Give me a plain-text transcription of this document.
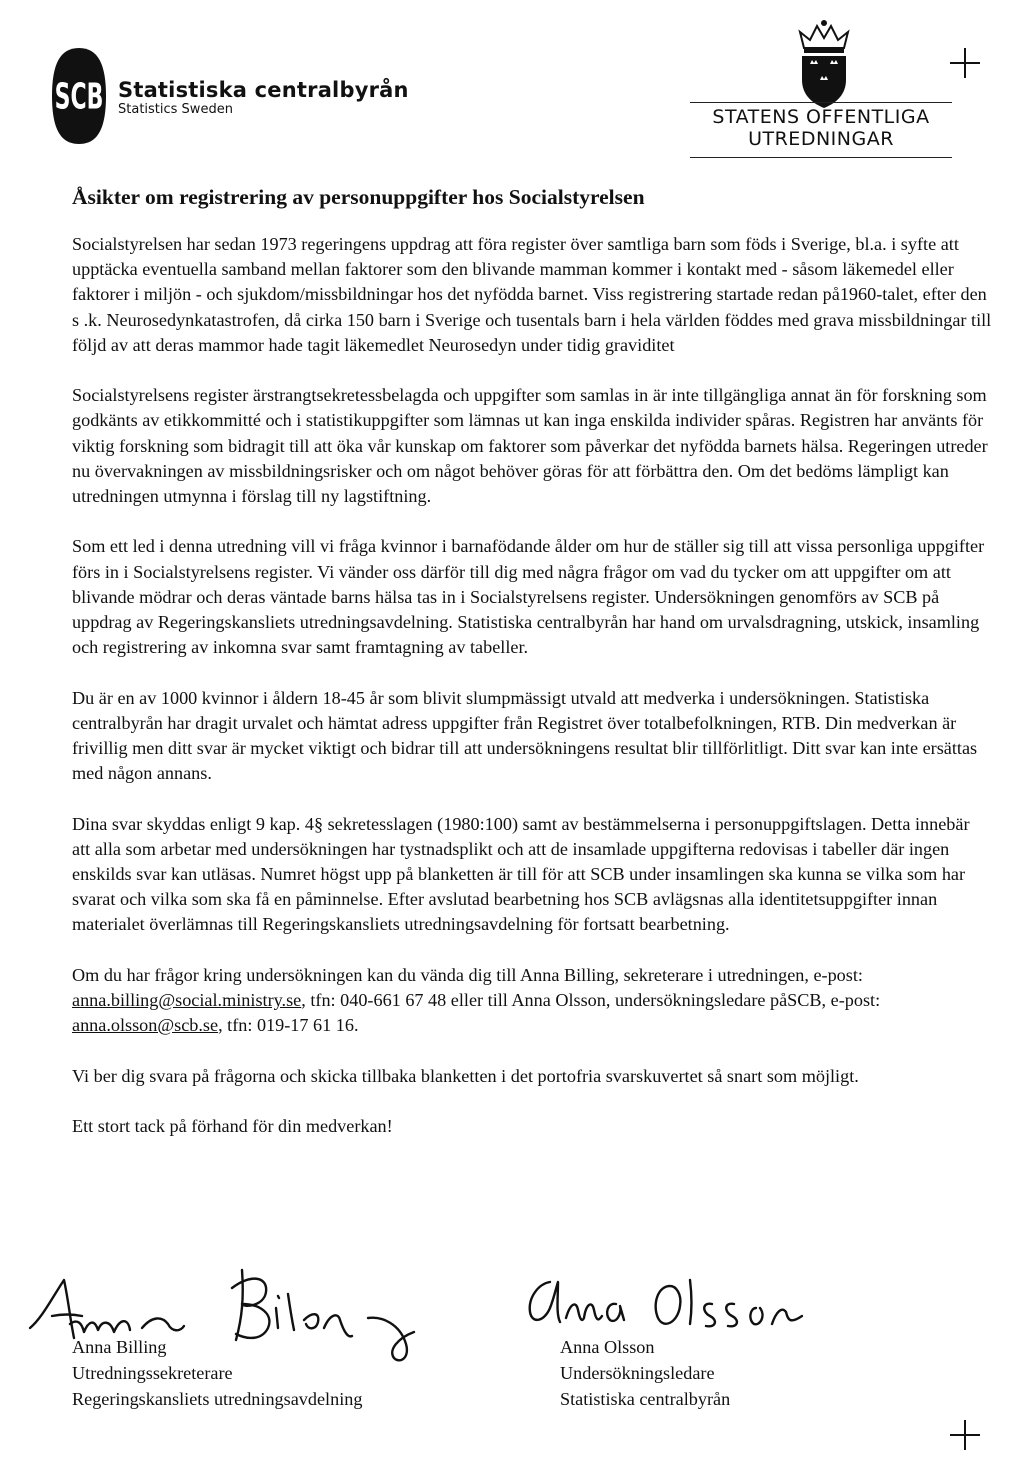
SCB Statistiska centralbyrån
Statistics Sweden	STATENS OFFENTLIGA
UTREDNINGAR
Åsikter om registrering av personuppgifter hos Socialstyrelsen

Socialstyrelsen har sedan 1973 regeringens uppdrag att föra register över samtliga barn som föds i Sverige, bl.a. i syfte att upptäcka eventuella samband mellan faktorer som den blivande mamman kommer i kontakt med - såsom läkemedel eller faktorer i miljön - och sjukdom/missbildningar hos det nyfödda barnet. Viss registrering startade redan på1960-talet, efter den s .k. Neurosedynkatastrofen, då cirka 150 barn i Sverige och tusentals barn i hela världen föddes med grava missbildningar till följd av att deras mammor hade tagit läkemedlet Neurosedyn under tidig graviditet

Socialstyrelsens register ärstrangtsekretessbelagda och uppgifter som samlas in är inte tillgängliga annat än för forskning som godkänts av etikkommitté och i statistikuppgifter som lämnas ut kan inga enskilda individer spåras. Registren har använts för viktig forskning som bidragit till att öka vår kunskap om faktorer som påverkar det nyfödda barnets hälsa. Regeringen utreder nu övervakningen av missbildningsrisker och om något behöver göras för att förbättra den. Om det bedöms lämpligt kan utredningen utmynna i förslag till ny lagstiftning.

Som ett led i denna utredning vill vi fråga kvinnor i barnafödande ålder om hur de ställer sig till att vissa personliga uppgifter förs in i Socialstyrelsens register. Vi vänder oss därför till dig med några frågor om vad du tycker om att uppgifter om att blivande mödrar och deras väntade barns hälsa tas in i Socialstyrelsens register. Undersökningen genomförs av SCB på uppdrag av Regeringskansliets utredningsavdelning. Statistiska centralbyrån har hand om urvalsdragning, utskick, insamling och registrering av inkomna svar samt framtagning av tabeller.

Du är en av 1000 kvinnor i åldern 18-45 år som blivit slumpmässigt utvald att medverka i undersökningen. Statistiska centralbyrån har dragit urvalet och hämtat adress uppgifter från Registret över totalbefolkningen, RTB. Din medverkan är frivillig men ditt svar är mycket viktigt och bidrar till att undersökningens resultat blir tillförlitligt. Ditt svar kan inte ersättas med någon annans.

Dina svar skyddas enligt 9 kap. 4§ sekretesslagen (1980:100) samt av bestämmelserna i personuppgiftslagen. Detta innebär att alla som arbetar med undersökningen har tystnadsplikt och att de insamlade uppgifterna redovisas i tabeller där ingen enskilds svar kan utläsas. Numret högst upp på blanketten är till för att SCB under insamlingen ska kunna se vilka som har svarat och vilka som ska få en påminnelse. Efter avslutad bearbetning hos SCB avlägsnas alla identitetsuppgifter innan materialet överlämnas till Regeringskansliets utredningsavdelning för fortsatt bearbetning.

Om du har frågor kring undersökningen kan du vända dig till Anna Billing, sekreterare i utredningen, e-post: anna.billing@social.ministry.se, tfn: 040-661 67 48 eller till Anna Olsson, undersökningsledare påSCB, e-post: anna.olsson@scb.se, tfn: 019-17 61 16.

Vi ber dig svara på frågorna och skicka tillbaka blanketten i det portofria svarskuvertet så snart som möjligt.

Ett stort tack på förhand för din medverkan!

Anna Billing
Utredningssekreterare
Regeringskansliets utredningsavdelning
Anna Olsson
Undersökningsledare
Statistiska centralbyrån
